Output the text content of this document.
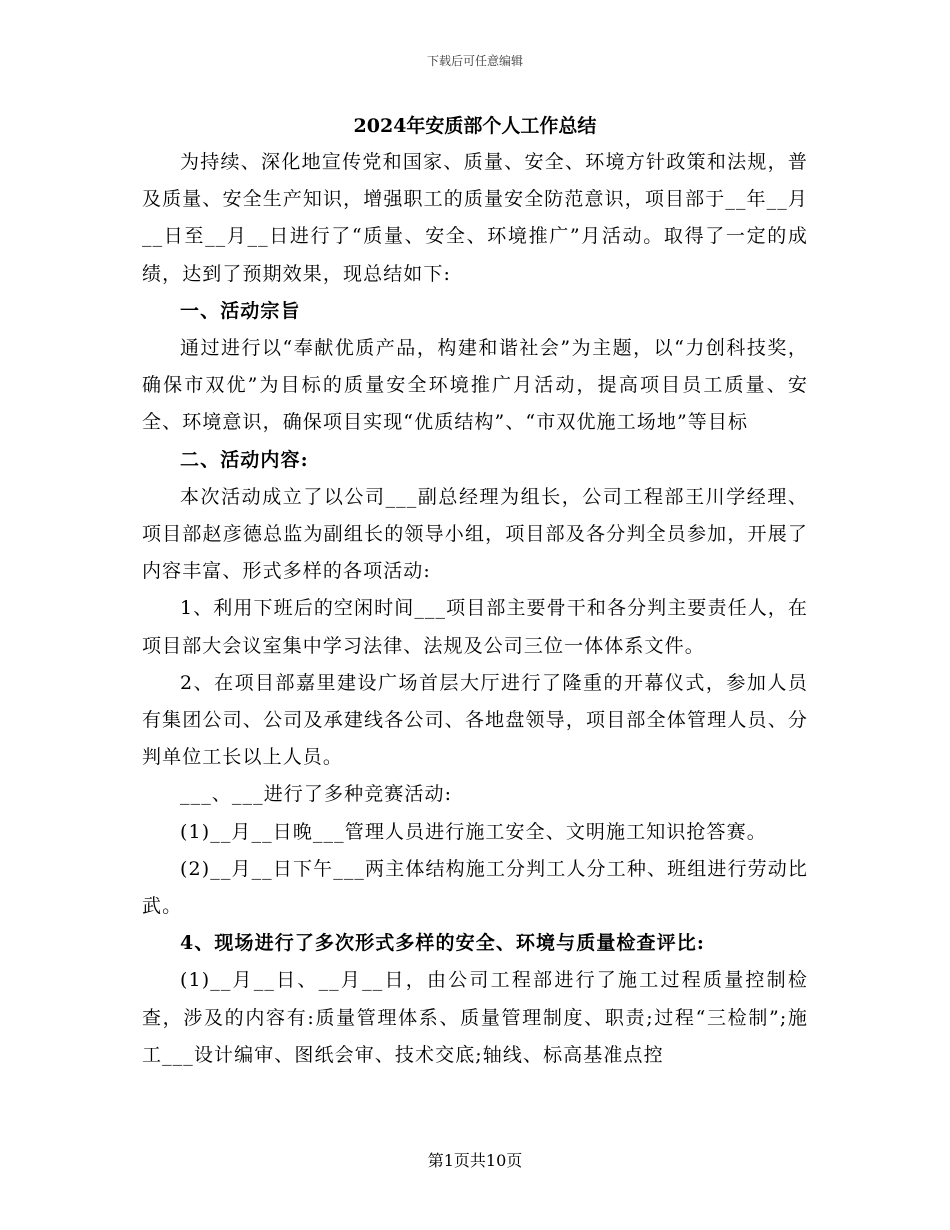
下载后可任意编辑
2024年安质部个人工作总结

为持续、深化地宣传党和国家、质量、安全、环境方针政策和法规，普及质量、安全生产知识，增强职工的质量安全防范意识，项目部于__年__月__日至__月__日进行了“质量、安全、环境推广”月活动。取得了一定的成绩，达到了预期效果，现总结如下:

一、活动宗旨

通过进行以“奉献优质产品，构建和谐社会”为主题，以“力创科技奖，确保市双优”为目标的质量安全环境推广月活动，提高项目员工质量、安全、环境意识，确保项目实现“优质结构”、“市双优施工场地”等目标

二、活动内容:

本次活动成立了以公司___副总经理为组长，公司工程部王川学经理、项目部赵彦德总监为副组长的领导小组，项目部及各分判全员参加，开展了内容丰富、形式多样的各项活动:

1、利用下班后的空闲时间___项目部主要骨干和各分判主要责任人，在项目部大会议室集中学习法律、法规及公司三位一体体系文件。

2、在项目部嘉里建设广场首层大厅进行了隆重的开幕仪式，参加人员有集团公司、公司及承建线各公司、各地盘领导，项目部全体管理人员、分判单位工长以上人员。

___、___进行了多种竞赛活动:

(1)__月__日晚___管理人员进行施工安全、文明施工知识抢答赛。

(2)__月__日下午___两主体结构施工分判工人分工种、班组进行劳动比武。

4、现场进行了多次形式多样的安全、环境与质量检查评比:

(1)__月__日、__月__日，由公司工程部进行了施工过程质量控制检查，涉及的内容有:质量管理体系、质量管理制度、职责;过程“三检制”;施工___设计编审、图纸会审、技术交底;轴线、标高基准点控

第1页共10页
